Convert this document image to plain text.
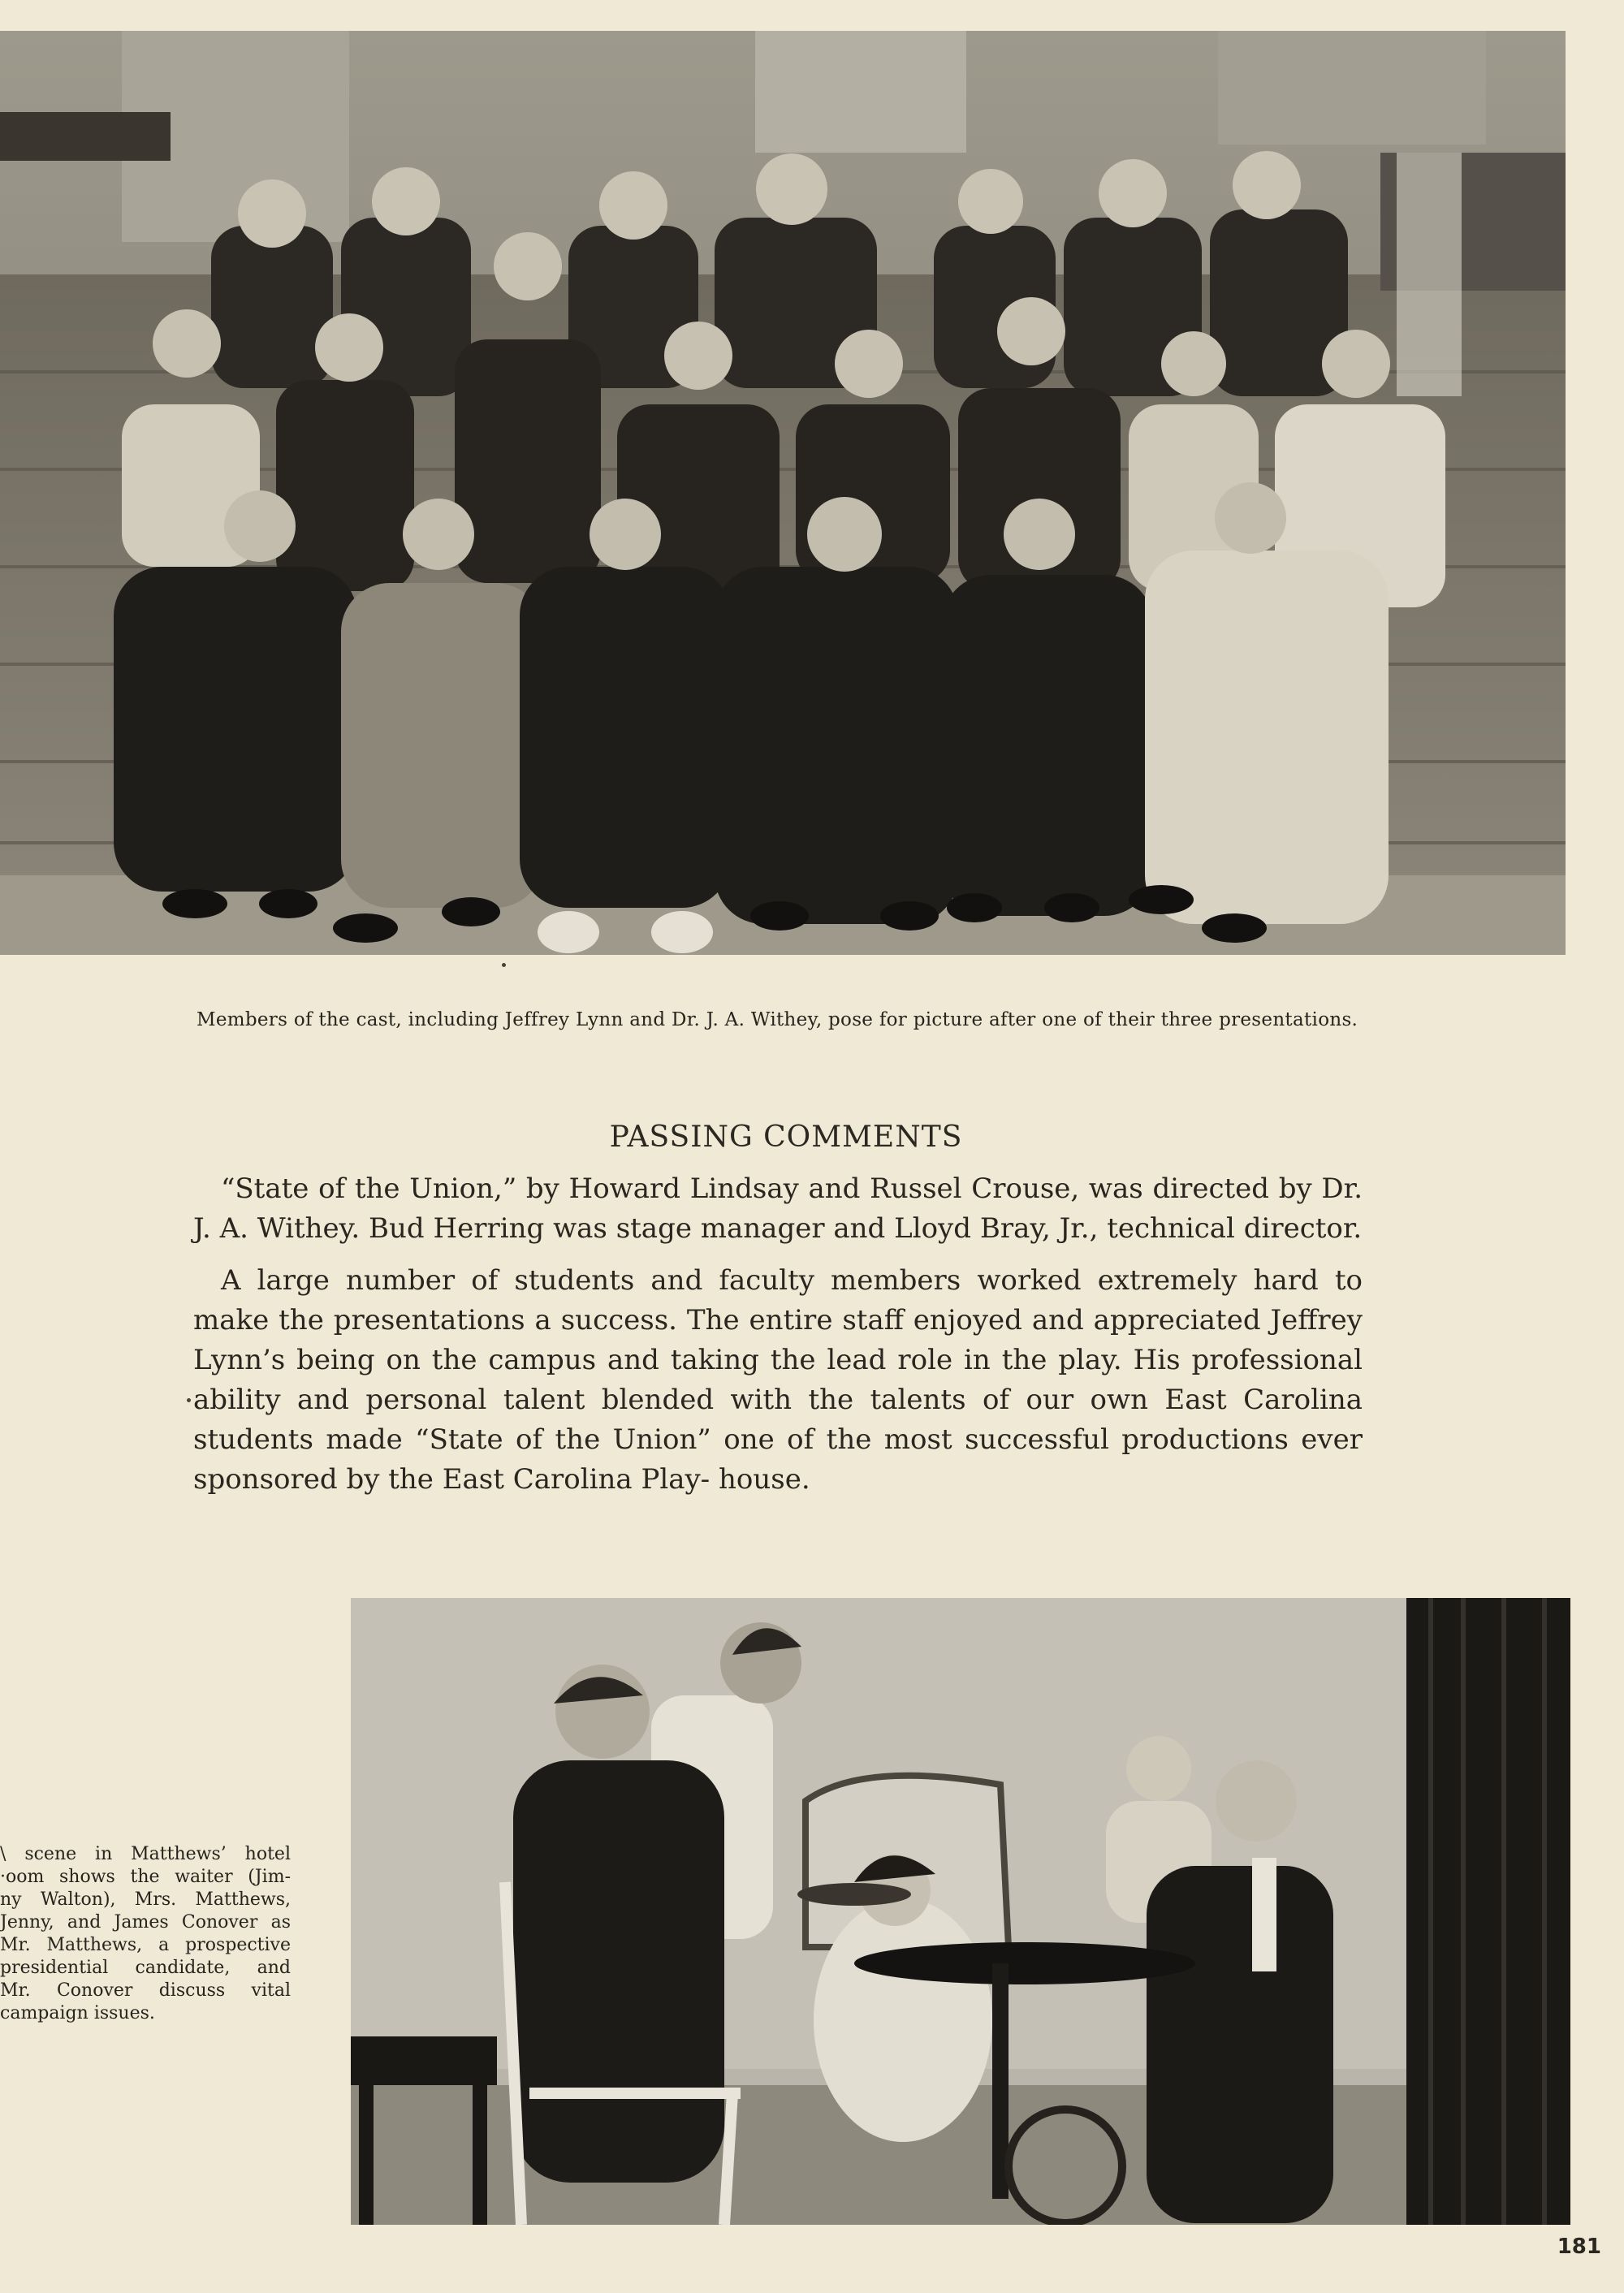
Members of the cast, including Jeffrey Lynn and Dr. J. A. Withey, pose for picture after one of their three presentations.

PASSING COMMENTS

“State of the Union,” by Howard Lindsay and Russel Crouse, was directed by Dr. J. A. Withey. Bud Herring was stage manager and Lloyd Bray, Jr., technical director.

A large number of students and faculty members worked extremely hard to make the presentations a success. The entire staff enjoyed and appreciated Jeffrey Lynn’s being on the campus and taking the lead role in the play. His professional ability and personal talent blended with the talents of our own East Carolina students made “State of the Union” one of the most successful productions ever sponsored by the East Carolina Play- house.

\ scene in Matthews’ hotel
·oom shows the waiter (Jim-
ny Walton), Mrs. Matthews,
Jenny, and James Conover as
Mr. Matthews, a prospective
presidential candidate, and
Mr. Conover discuss vital
campaign issues.
181
